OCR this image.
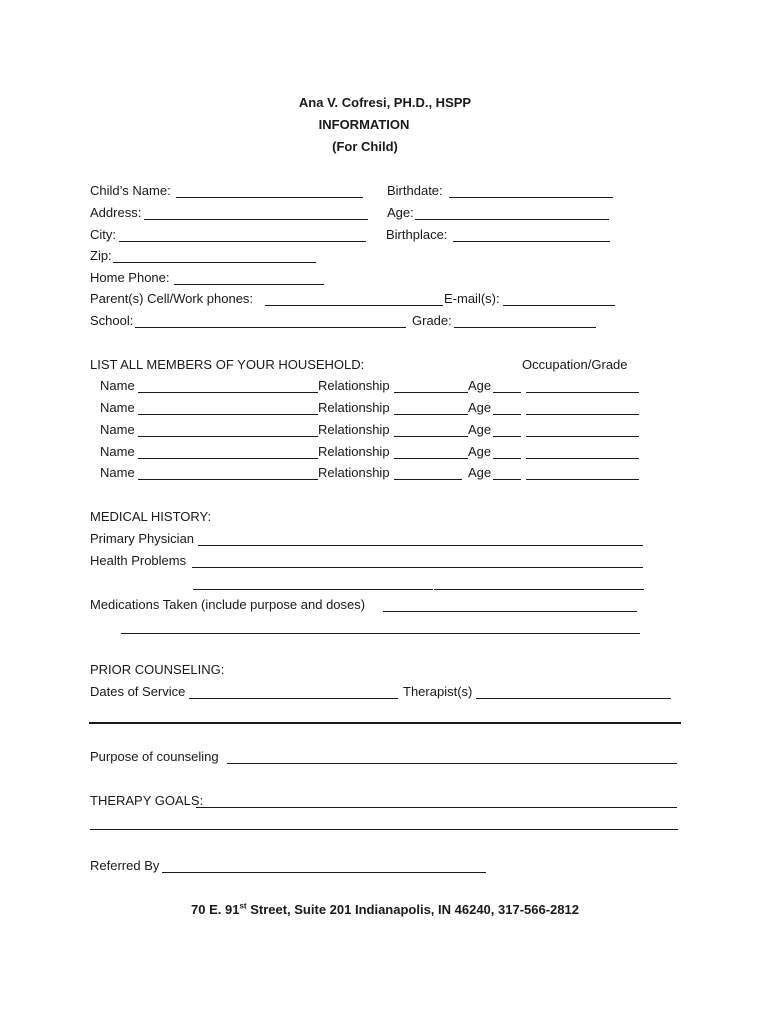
Ana V. Cofresi, PH.D., HSPP
INFORMATION
(For Child)
Child’s Name:	Birthdate:
Address:	Age:
City:	Birthplace:
Zip:
Home Phone:
Parent(s) Cell/Work phones:	E-mail(s):
School:	Grade:
LIST ALL MEMBERS OF YOUR HOUSEHOLD:	Occupation/Grade
Name	Relationship	Age
Name	Relationship	Age
Name	Relationship	Age
Name	Relationship	Age
Name	Relationship	Age
MEDICAL HISTORY:
Primary Physician
Health Problems
Medications Taken (include purpose and doses)
PRIOR COUNSELING:
Dates of Service	Therapist(s)
Purpose of counseling
THERAPY GOALS:
Referred By
70 E. 91st Street, Suite 201 Indianapolis, IN 46240, 317-566-2812
